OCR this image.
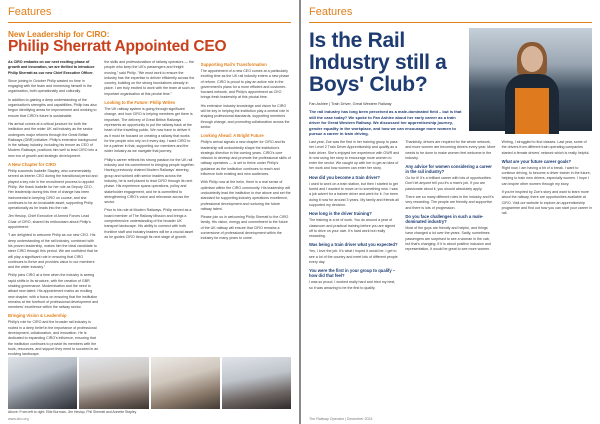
Features
New Leadership for CIRO:
Philip Sherratt Appointed CEO

As CIRO embarks on our next exciting phase of growth and innovation, we are thrilled to introduce Philip Sherratt as our new Chief Executive Officer.

Since joining in October Philip wasted no time in engaging with the team and immersing himself in the organisation, both operationally and culturally.

In addition to gaining a deep understanding of the organisation's strengths and capabilities, Philip has also begun identifying areas for improvement and working to ensure that CIRO's future is sustainable.

His arrival comes at a critical juncture for both the institution and the wider UK rail industry as the sector undergoes major reforms through the Great British Railways (GBR) initiative. Philip's extensive background in the railway industry, including his tenure as CEO of Modern Railways, positions him well to lead CIRO into a new era of growth and strategic development.

A New Chapter for CIRO

Philip succeeds Isabelle Stapley, who commendably served as interim CEO during the transitional period and played a key role in the recruitment process to appoint Philip. We thank Isabelle for her role as Deputy CEO. Her leadership during this time of change has been instrumental in keeping CIRO on course, and she continues to be an invaluable asset, supporting Philip operationally as he leads into the role.

Jim Heslop, Chief Executive of Armed Forces Lead Chair of CIRO, shared his enthusiasm about Philip's appointment:

"I am delighted to welcome Philip as our new CEO. His deep understanding of the rail industry, combined with his proven leadership, makes him the ideal candidate to steer CIRO through this period. We are confident that he will play a significant role in ensuring that CIRO continues to thrive and provides value to our members and the wider industry."

Philip joins CIRO at a time when the industry is seeing rapid shifts in its structure, with the creation of GBR shaking governance. Modernisation and the need to attract new talent. His appointment marks an exciting new chapter, with a focus on ensuring that the institution remains at the forefront of professional development and members' excellence within the railway sector.

Bringing Vision & Leadership

Philip's role for CIRO and the broader rail industry is rooted in a deep belief in the importance of professional development, collaboration, and innovation. He is dedicated to expanding CIRO's influence, ensuring that the institution continues to provide its members with the tools, resources, and support they need to succeed in an evolving landscape.

the skills and professionalism of railway operators — the people who keep the UK's passengers and freight moving," said Philip. "We must work to ensure the industry has the expertise to deliver efficiently across the country, building on the strong foundations already in place. I am truly excited to work with the team at such an important organisation at this pivotal time."

Looking to the Future: Philip Writes

The UK railway system is going through significant change, and how CIRO is helping members get there is important. The delivery of Great British Railways represents an opportunity to put the railway back at the heart of the travelling public. We now have to deliver it as it must be focused on creating a railway that works for the people who rely on it every day. I want CIRO to be a partner in that, supporting our members and the wider industry as we navigate that journey.

Philip's career reflects his strong passion for the UK rail industry and his commitment to bringing people together. Having previously chaired Modern Railways' steering group and worked with senior leaders across the industry, he is well placed to lead CIRO through its next phase. His experience spans operations, policy and stakeholder engagement, and he is committed to strengthening CIRO's voice and relevance across the sector.

Prior to his role at Modern Railways, Philip served as a board member of The Railway Mission and brings a comprehensive understanding of the broader UK transport landscape. His ability to connect with both frontline staff and industry leaders will be a crucial asset as he guides CIRO through its next stage of growth.

Supporting Rail's Transformation

The appointment of a new CEO comes at a particularly exciting time as the UK rail industry enters a new phase of reform. CIRO is proud to play an active role in the government's plans for a more efficient and customer-focused network, and Philip's appointment as CEO brings fresh leadership at this pivotal time.

His extensive industry knowledge and vision for CIRO will be key in helping the institution play a central role in shaping professional standards, supporting members through change, and promoting collaboration across the sector.

Looking Ahead: A Bright Future

Philip's arrival signals a new chapter for CIRO and its leadership will undoubtedly shape the institution's strategic direction in the coming years. CIRO's core mission to develop and promote the professional skills of railway operators — is set to thrive under Philip's guidance as the institution continues to reach and influence both existing and new audiences.

With Philip now at the helm, there is a real sense of optimism within the CIRO community. His leadership will undoubtedly lead the institution to rise above and set the standard for supporting industry operations excellence, professional development and nurturing the future railway talent.

Please join us in welcoming Philip Sherratt to the CIRO family. His vision, energy and commitment to the future of the UK railway will ensure that CIRO remains a cornerstone of professional development within the industry for many years to come.

Above: From left to right: Ellie Burrows, Jim Heslop, Phil Sherratt and Annette Stapley
www.ciro.org
Features
Is the Rail Industry still a Boys' Club?
Fan Ashlee | Train Driver, Great Western Railway
The rail industry has long been perceived as a male-dominated field – but is that still the case today? We spoke to Fan Ashlee about her early career as a train driver for Great Western Railway. We discussed her apprenticeship journey, gender equality in the workplace, and how we can encourage more women to pursue a career in train driving.

Last year, Zoe was the first in her training group to pass her Level 2 Train Driver Apprenticeship and qualify as a train driver. She's enjoyed her experience with GWR and is now using her story to encourage more women to enter the sector. We caught up with her to get an idea of her work and how women can enter her story.

How did you become a train driver?

I used to work on a train station, but then I started to get bored and I wanted to move on to something new. I saw a job advert for a trainee driver and went for it. I've been doing it now for around 3 years. My family and friends all supported my decision.

How long is the driver training?

The training is a lot of work. You do around a year of classroom and practical training before you are signed off to drive on your own. It's hard work but really rewarding.

Was being a train driver what you expected?

Yes, I love the job. It's what I hoped it would be. I get to see a lot of the country and meet lots of different people every day.

You were the first in your group to qualify – how did that feel?

I was so proud. I worked really hard and tried my best, so it was amazing to be the first to qualify.

Thankfully, drivers are required for the whole network, and more women are becoming drivers every year. More needs to be done to make women feel welcome in the industry.

Any advice for women considering a career in the rail industry?

Go for it! It's a brilliant career with lots of opportunities. Don't let anyone tell you it's a man's job. If you are passionate about it, you should absolutely apply.

There are so many different roles in the industry and it's very rewarding. The people are friendly and supportive and there is lots of progression.

Do you face challenges in such a male-dominated industry?

Most of the guys are friendly and helpful, and things have changed a lot over the years. Sadly, sometimes passengers are surprised to see a woman in the cab, but that's changing. If it is about positive inclusion and representation, it would be great to see more women.

Writing, I struggled to find classes. Last year, some of the drivers from different train operating companies started a female drivers' network which is really helpful.

What are your future career goals?

Right now, I am having a bit of a break. I want to continue driving, to become a driver trainer in the future, helping to train new drivers, especially women. I hope I can inspire other women through my story.

If you're inspired by Zoe's story and want to learn more about the railway, there are opportunities available at CIRO. Visit our website to explore an apprenticeship programme and find out how you can start your career in rail.

The Railway Operator | December 2024
